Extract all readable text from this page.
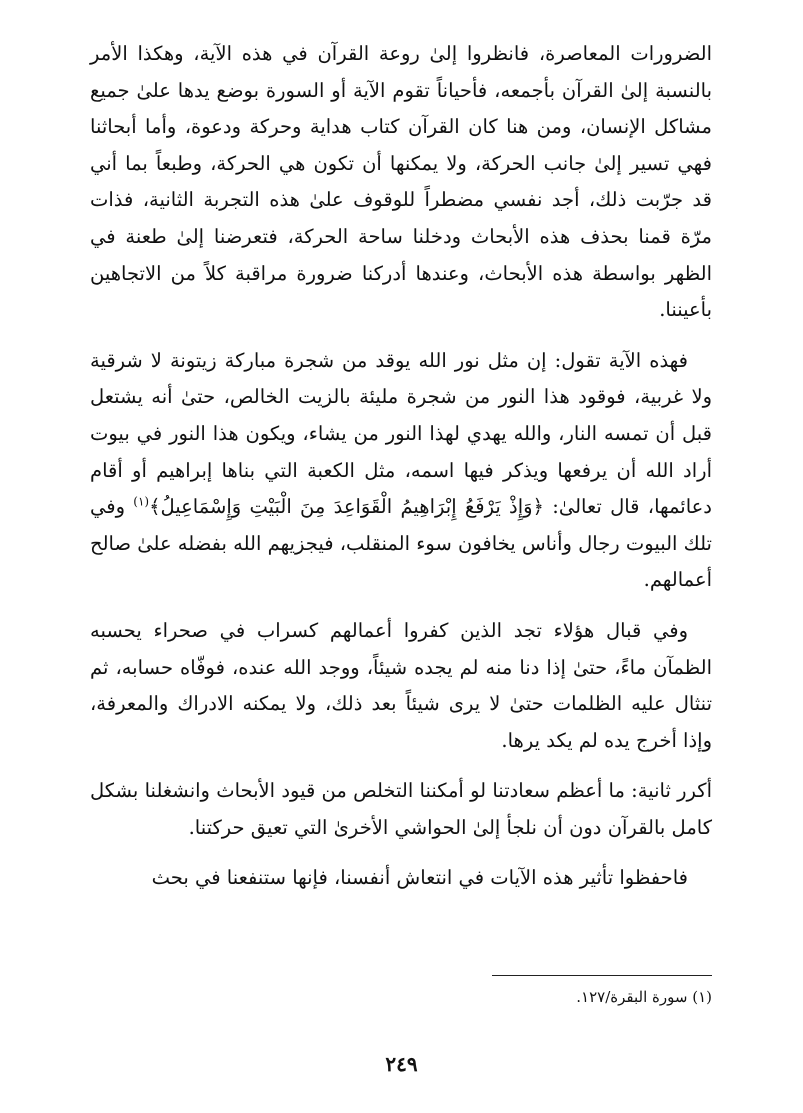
الضرورات المعاصرة، فانظروا إلىٰ روعة القرآن في هذه الآية، وهكذا الأمر بالنسبة إلىٰ القرآن بأجمعه، فأحياناً تقوم الآية أو السورة بوضع يدها علىٰ جميع مشاكل الإنسان، ومن هنا كان القرآن كتاب هداية وحركة ودعوة، وأما أبحاثنا فهي تسير إلىٰ جانب الحركة، ولا يمكنها أن تكون هي الحركة، وطبعاً بما أني قد جرّبت ذلك، أجد نفسي مضطراً للوقوف علىٰ هذه التجربة الثانية، فذات مرّة قمنا بحذف هذه الأبحاث ودخلنا ساحة الحركة، فتعرضنا إلىٰ طعنة في الظهر بواسطة هذه الأبحاث، وعندها أدركنا ضرورة مراقبة كلاً من الاتجاهين بأعيننا.

فهذه الآية تقول: إن مثل نور الله يوقد من شجرة مباركة زيتونة لا شرقية ولا غربية، فوقود هذا النور من شجرة مليئة بالزيت الخالص، حتىٰ أنه يشتعل قبل أن تمسه النار، والله يهدي لهذا النور من يشاء، ويكون هذا النور في بيوت أراد الله أن يرفعها ويذكر فيها اسمه، مثل الكعبة التي بناها إبراهيم أو أقام دعائمها، قال تعالىٰ: ﴿وَإِذْ يَرْفَعُ إِبْرَاهِيمُ الْقَوَاعِدَ مِنَ الْبَيْتِ وَإِسْمَاعِيلُ﴾$^{(١)}$ وفي تلك البيوت رجال وأناس يخافون سوء المنقلب، فيجزيهم الله بفضله علىٰ صالح أعمالهم.

وفي قبال هؤلاء تجد الذين كفروا أعمالهم كسراب في صحراء يحسبه الظمآن ماءً، حتىٰ إذا دنا منه لم يجده شيئاً، ووجد الله عنده، فوفّاه حسابه، ثم تنثال عليه الظلمات حتىٰ لا يرى شيئاً بعد ذلك، ولا يمكنه الادراك والمعرفة، وإذا أخرج يده لم يكد يرها.

أكرر ثانية: ما أعظم سعادتنا لو أمكننا التخلص من قيود الأبحاث وانشغلنا بشكل كامل بالقرآن دون أن نلجأ إلىٰ الحواشي الأخرىٰ التي تعيق حركتنا.

فاحفظوا تأثير هذه الآيات في انتعاش أنفسنا، فإنها ستنفعنا في بحث

(١) سورة البقرة/١٢٧.
٢٤٩
